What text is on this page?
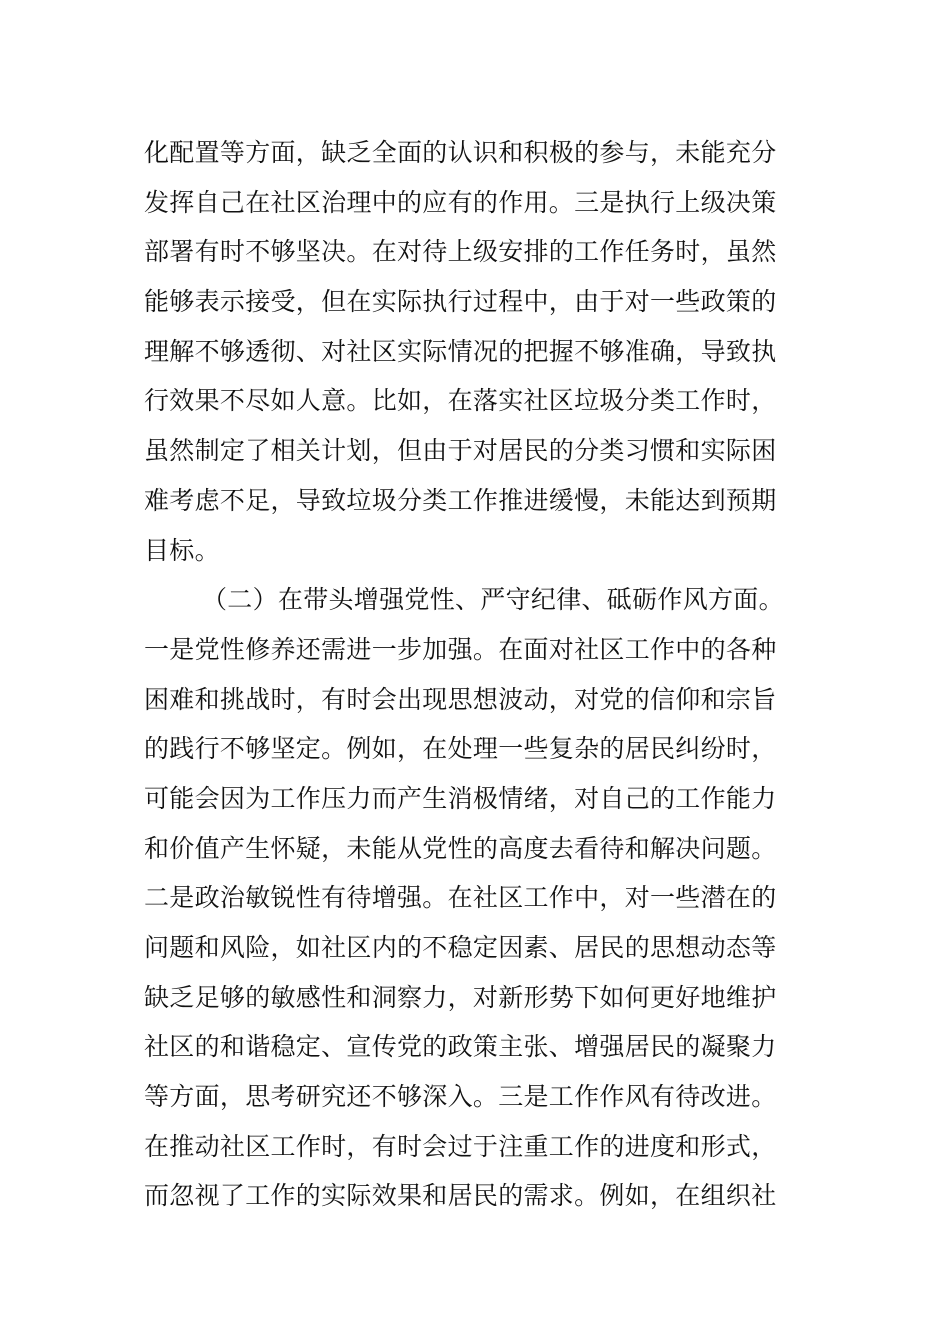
化配置等方面，缺乏全面的认识和积极的参与，未能充分
发挥自己在社区治理中的应有的作用。三是执行上级决策
部署有时不够坚决。在对待上级安排的工作任务时，虽然
能够表示接受，但在实际执行过程中，由于对一些政策的
理解不够透彻、对社区实际情况的把握不够准确，导致执
行效果不尽如人意。比如，在落实社区垃圾分类工作时，
虽然制定了相关计划，但由于对居民的分类习惯和实际困
难考虑不足，导致垃圾分类工作推进缓慢，未能达到预期
目标。
（二）在带头增强党性、严守纪律、砥砺作风方面。
一是党性修养还需进一步加强。在面对社区工作中的各种
困难和挑战时，有时会出现思想波动，对党的信仰和宗旨
的践行不够坚定。例如，在处理一些复杂的居民纠纷时，
可能会因为工作压力而产生消极情绪，对自己的工作能力
和价值产生怀疑，未能从党性的高度去看待和解决问题。
二是政治敏锐性有待增强。在社区工作中，对一些潜在的
问题和风险，如社区内的不稳定因素、居民的思想动态等
缺乏足够的敏感性和洞察力，对新形势下如何更好地维护
社区的和谐稳定、宣传党的政策主张、增强居民的凝聚力
等方面，思考研究还不够深入。三是工作作风有待改进。
在推动社区工作时，有时会过于注重工作的进度和形式，
而忽视了工作的实际效果和居民的需求。例如，在组织社
